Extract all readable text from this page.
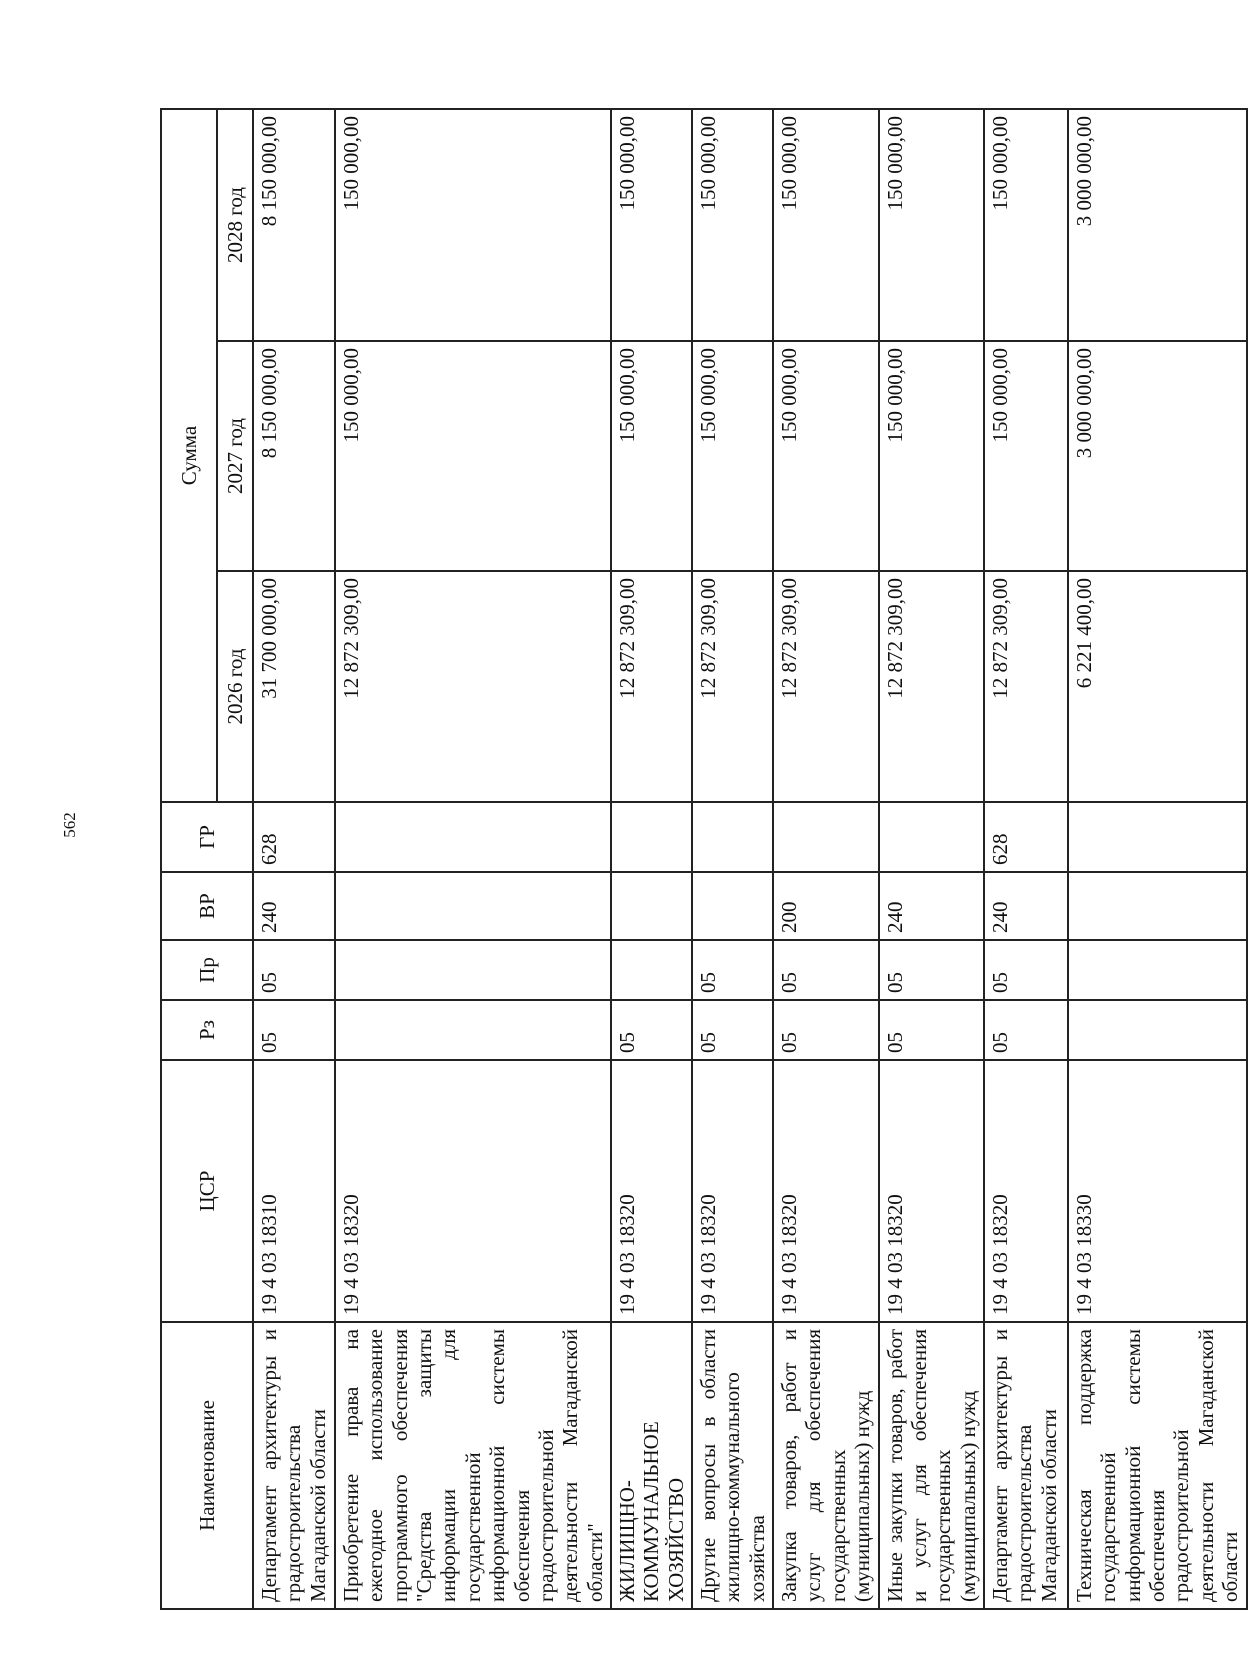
562
Наименование	ЦСР	Рз	Пр	ВР	ГР	Сумма		
						2026 год	2027 год	2028 год
Департамент архитектуры и градостроительства Магаданской области	19 4 03 18310	05	05	240	628	31 700 000,00	8 150 000,00	8 150 000,00
Приобретение права на ежегодное использование программного обеспечения "Средства защиты информации для государственной информационной системы обеспечения градостроительной деятельности Магаданской области"	19 4 03 18320					12 872 309,00	150 000,00	150 000,00
ЖИЛИЩНО-КОММУНАЛЬНОЕ ХОЗЯЙСТВО	19 4 03 18320	05				12 872 309,00	150 000,00	150 000,00
Другие вопросы в области жилищно-коммунального хозяйства	19 4 03 18320	05	05			12 872 309,00	150 000,00	150 000,00
Закупка товаров, работ и услуг для обеспечения государственных (муниципальных) нужд	19 4 03 18320	05	05	200		12 872 309,00	150 000,00	150 000,00
Иные закупки товаров, работ и услуг для обеспечения государственных (муниципальных) нужд	19 4 03 18320	05	05	240		12 872 309,00	150 000,00	150 000,00
Департамент архитектуры и градостроительства Магаданской области	19 4 03 18320	05	05	240	628	12 872 309,00	150 000,00	150 000,00
Техническая поддержка государственной информационной системы обеспечения градостроительной деятельности Магаданской области	19 4 03 18330					6 221 400,00	3 000 000,00	3 000 000,00
